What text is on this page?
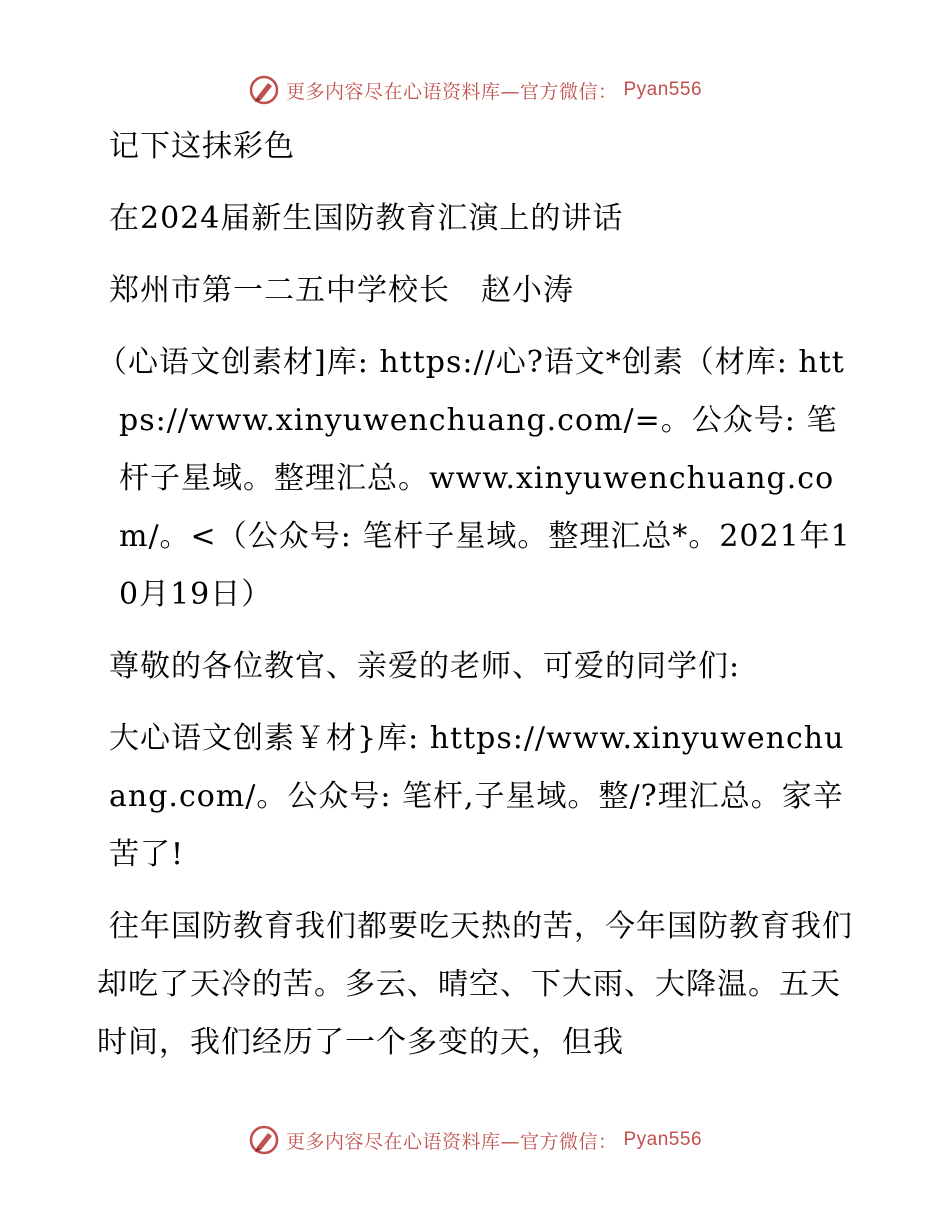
更多内容尽在心语资料库—官方微信： Pyan556

记下这抹彩色

在2024届新生国防教育汇演上的讲话

郑州市第一二五中学校长　赵小涛

（心语文创素材]库: https://心?语文*创素（材库: https://www.xinyuwenchuang.com/=。公众号: 笔杆子星域。整理汇总。www.xinyuwenchuang.com/。<（公众号: 笔杆子星域。整理汇总*。2021年10月19日）

尊敬的各位教官、亲爱的老师、可爱的同学们:

大心语文创素￥材}库: https://www.xinyuwenchuang.com/。公众号: 笔杆,子星域。整/?理汇总。家辛苦了!

往年国防教育我们都要吃天热的苦，今年国防教育我们却吃了天冷的苦。多云、晴空、下大雨、大降温。五天时间，我们经历了一个多变的天，但我

更多内容尽在心语资料库—官方微信： Pyan556
